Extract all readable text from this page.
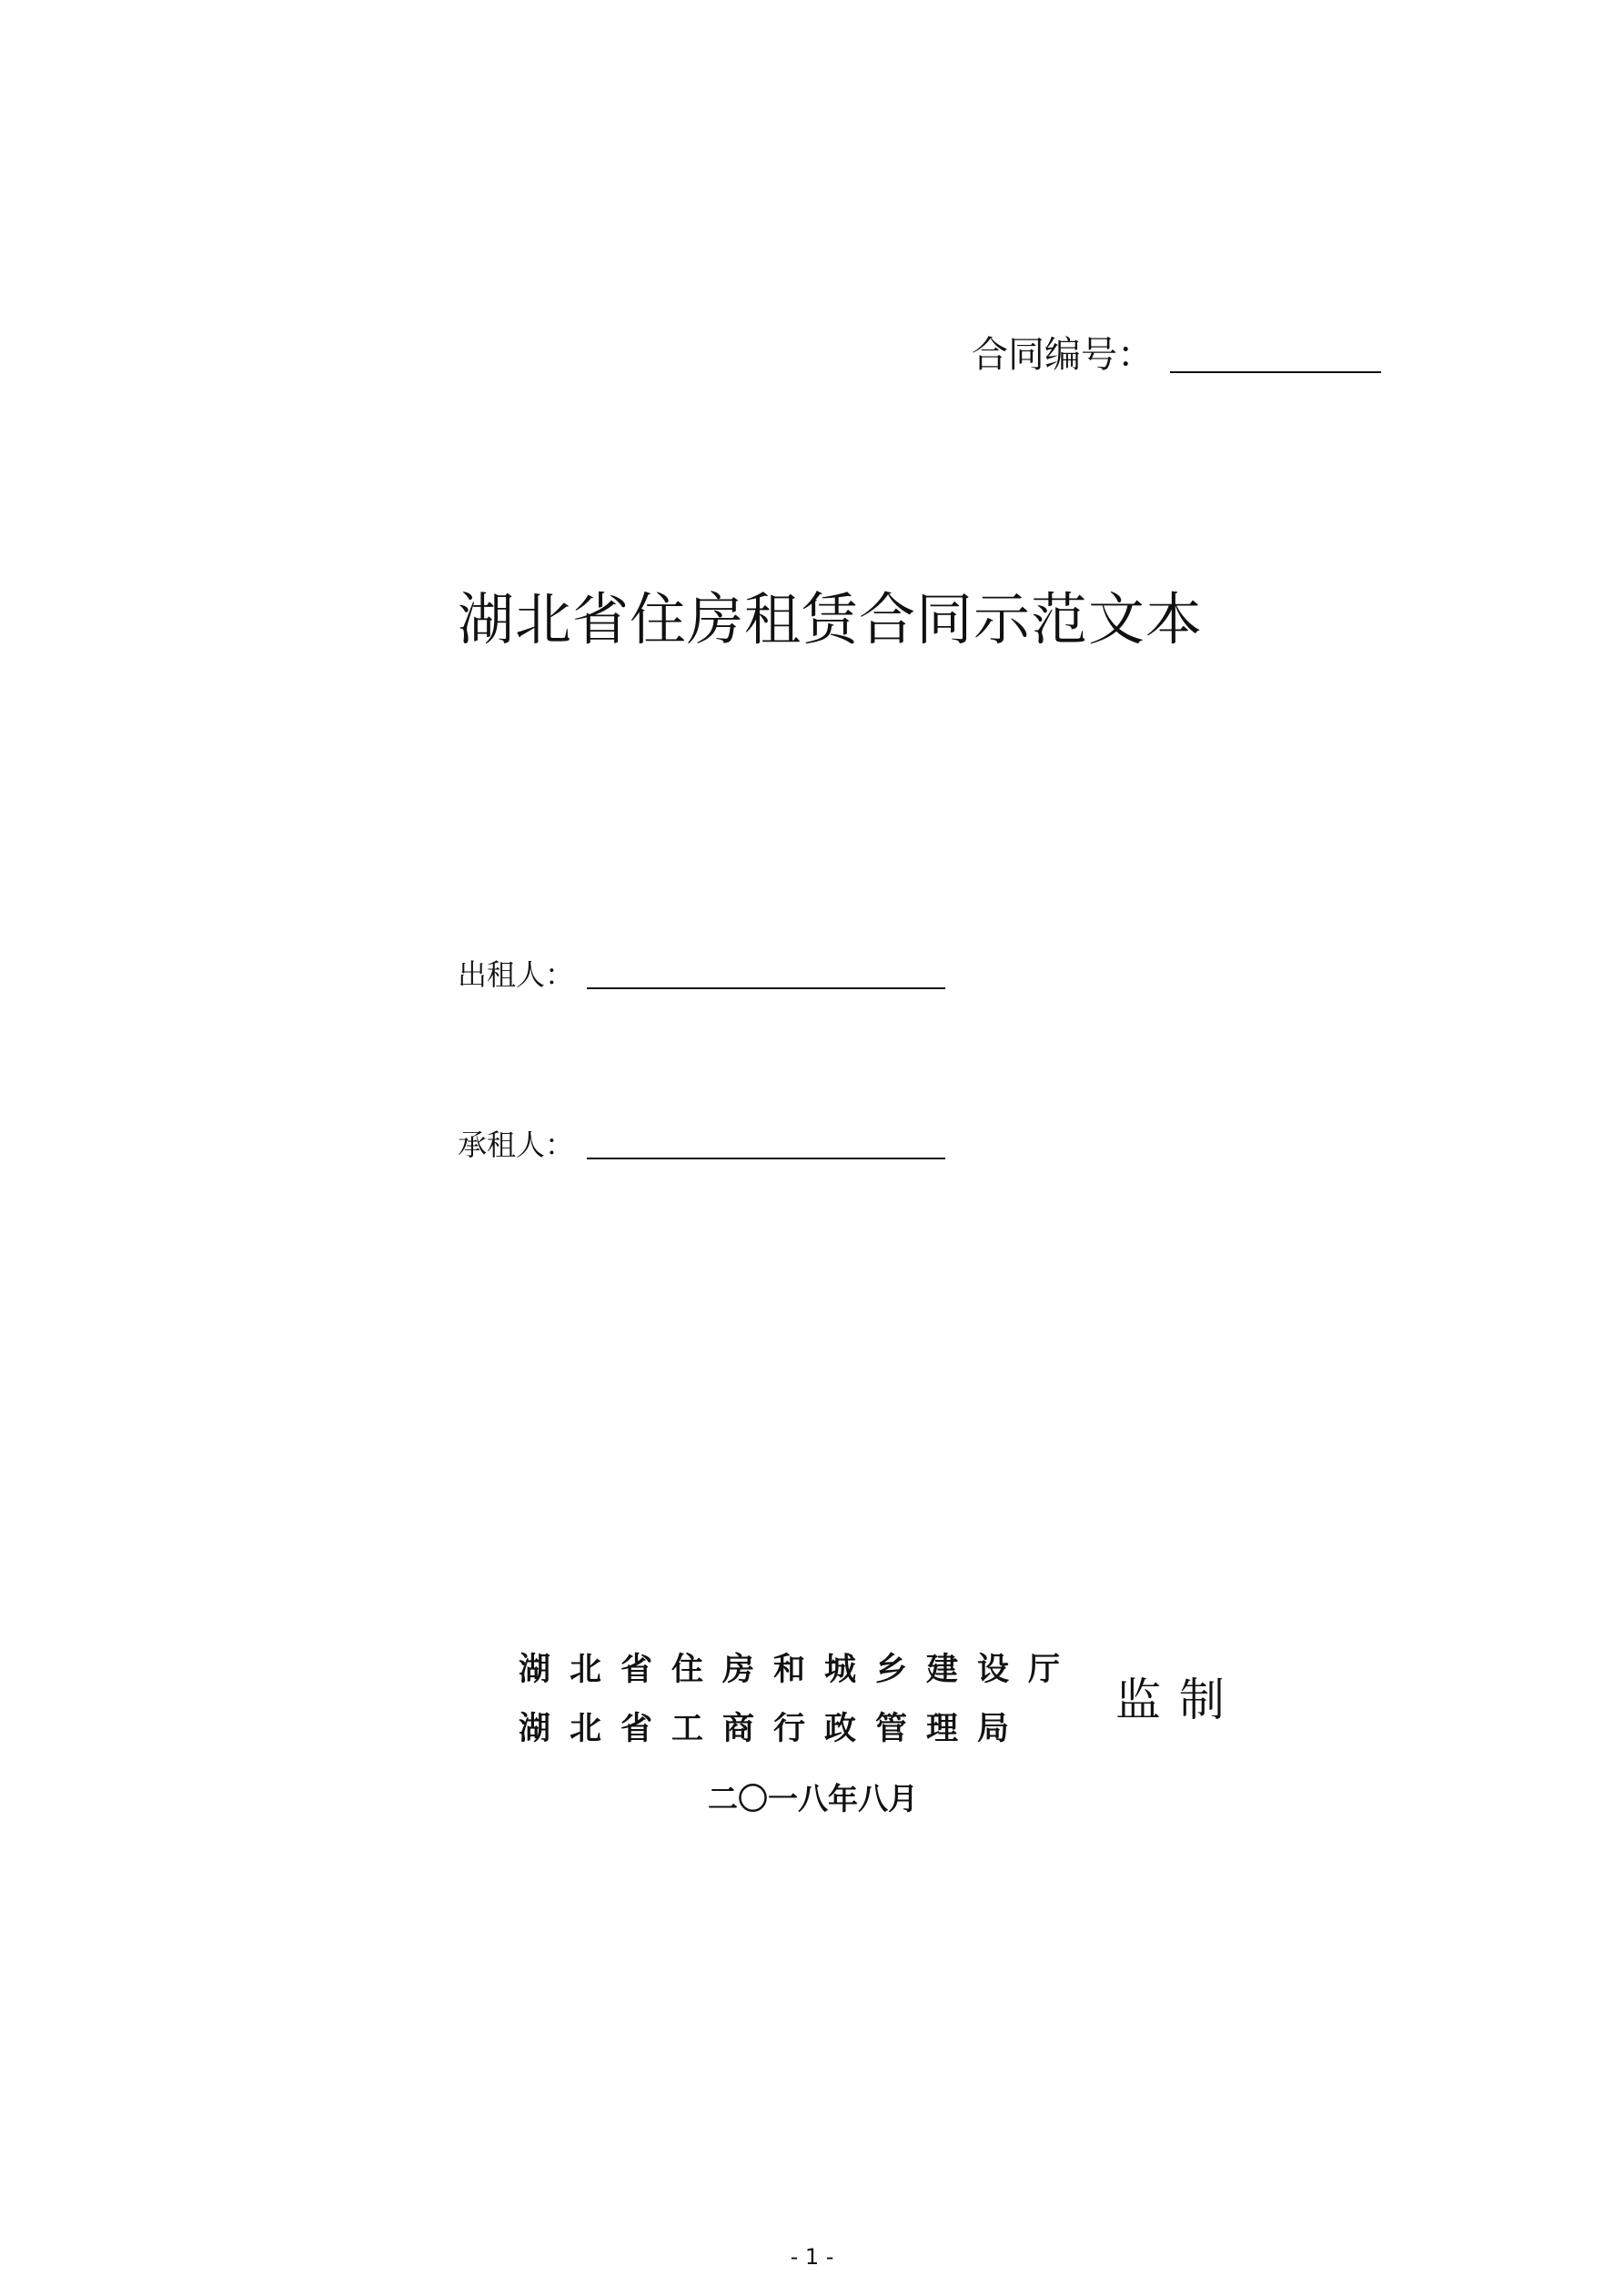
合同编号：
湖北省住房租赁合同示范文本
出租人：
承租人：
湖北省住房和城乡建设厅
湖北省工商行政管理局
监制
二〇一八年八月
- 1 -
